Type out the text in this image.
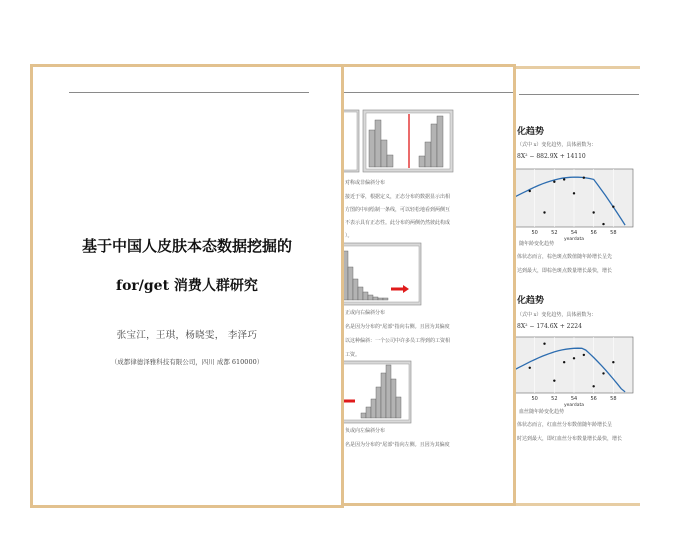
化趋势
（式中 x）变化趋势，具体函数为：
8X² − 882.9X + 14110
50	52	54	56	58
yeardata
随年龄变化趋势
体状态而言，棕色斑点数值随年龄增长呈先
达到最大，即棕色斑点数量增长最快，增长
化趋势
（式中 x）变化趋势，具体函数为：
8X² − 174.6X + 2224
50	52	54	56	58
yeardata
血丝随年龄变化趋势
体状态而言，红血丝分布数值随年龄增长呈
时达到最大，即红血丝分布数量增长最快，增长
对称或非偏斜分布
接近于零，根据定义，正态分布的数据显示出相
方图的中间绘制一条线，可以轻松地看到两侧互
不表示具有正态性。此分布的两侧仍然彼此构成
）。
正或向右偏斜分布
名是因为分布的"尾部"指向右侧。且因为其偏度
以这种偏斜：一个公司中许多员工得到的工资相
工资。
负或向左偏斜分布
名是因为分布的"尾部"指向左侧。且因为其偏度
基于中国人皮肤本态数据挖掘的
for/get 消费人群研究
张宝江，王琪，杨晓雯， 李泽巧
（成都律德泽雅科技有限公司，四川 成都 610000）
